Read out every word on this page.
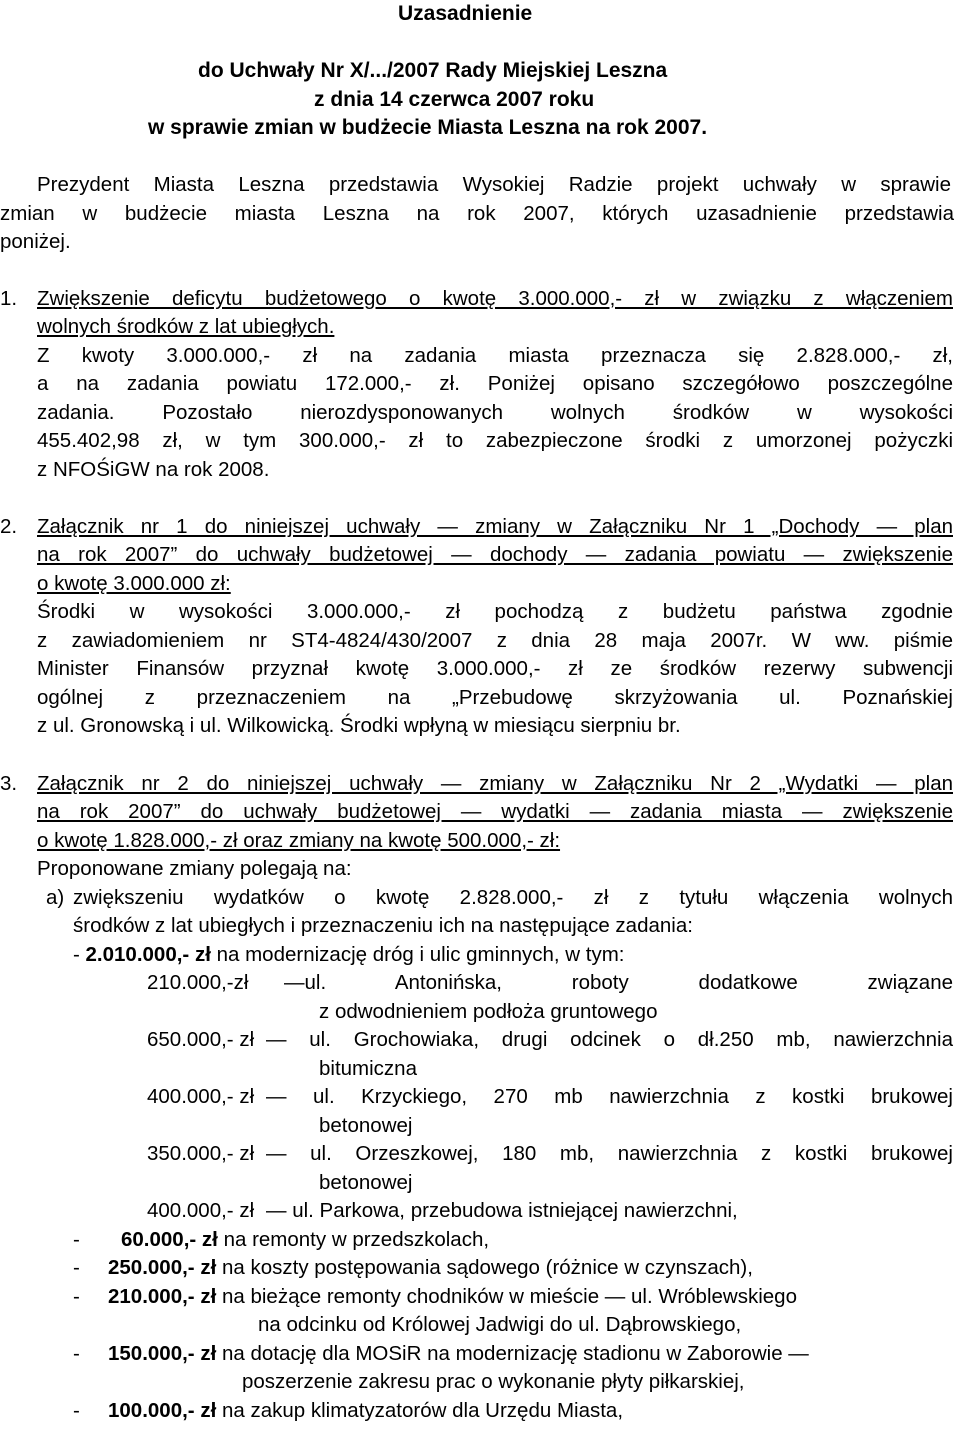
Uzasadnienie
do Uchwały Nr X/.../2007 Rady Miejskiej Leszna
z dnia 14 czerwca 2007 roku
w sprawie zmian w budżecie Miasta Leszna na rok 2007.
Prezydent Miasta Leszna przedstawia Wysokiej Radzie projekt uchwały w sprawie
zmian w budżecie miasta Leszna na rok 2007, których uzasadnienie przedstawia
poniżej.
1. Zwiększenie deficytu budżetowego o kwotę 3.000.000,- zł w związku z włączeniem
wolnych środków z lat ubiegłych.
Z kwoty 3.000.000,- zł na zadania miasta przeznacza się 2.828.000,- zł,
a na zadania powiatu 172.000,- zł. Poniżej opisano szczegółowo poszczególne
zadania. Pozostało nierozdysponowanych wolnych środków w wysokości
455.402,98 zł, w tym 300.000,- zł to zabezpieczone środki z umorzonej pożyczki
z NFOŚiGW na rok 2008.
2. Załącznik nr 1 do niniejszej uchwały — zmiany w Załączniku Nr 1 „Dochody — plan
na rok 2007” do uchwały budżetowej — dochody — zadania powiatu — zwiększenie
o kwotę 3.000.000 zł:
Środki w wysokości 3.000.000,- zł pochodzą z budżetu państwa zgodnie
z zawiadomieniem nr ST4-4824/430/2007 z dnia 28 maja 2007r. W ww. piśmie
Minister Finansów przyznał kwotę 3.000.000,- zł ze środków rezerwy subwencji
ogólnej z przeznaczeniem na „Przebudowę skrzyżowania ul. Poznańskiej
z ul. Gronowską i ul. Wilkowicką. Środki wpłyną w miesiącu sierpniu br.
3. Załącznik nr 2 do niniejszej uchwały — zmiany w Załączniku Nr 2 „Wydatki — plan
na rok 2007” do uchwały budżetowej — wydatki — zadania miasta — zwiększenie
o kwotę 1.828.000,- zł oraz zmiany na kwotę 500.000,- zł:
Proponowane zmiany polegają na:
a) zwiększeniu wydatków o kwotę 2.828.000,- zł z tytułu włączenia wolnych
środków z lat ubiegłych i przeznaczeniu ich na następujące zadania:
- 2.010.000,- zł na modernizację dróg i ulic gminnych, w tym:
210.000,-zł —ul. Antonińska, roboty dodatkowe związane
z odwodnieniem podłoża gruntowego
650.000,- zł — ul. Grochowiaka, drugi odcinek o dł.250 mb, nawierzchnia
bitumiczna
400.000,- zł — ul. Krzyckiego, 270 mb nawierzchnia z kostki brukowej
betonowej
350.000,- zł — ul. Orzeszkowej, 180 mb, nawierzchnia z kostki brukowej
betonowej
400.000,- zł — ul. Parkowa, przebudowa istniejącej nawierzchni,
- 60.000,- zł na remonty w przedszkolach,
- 250.000,- zł na koszty postępowania sądowego (różnice w czynszach),
- 210.000,- zł na bieżące remonty chodników w mieście — ul. Wróblewskiego
na odcinku od Królowej Jadwigi do ul. Dąbrowskiego,
- 150.000,- zł na dotację dla MOSiR na modernizację stadionu w Zaborowie —
poszerzenie zakresu prac o wykonanie płyty piłkarskiej,
- 100.000,- zł na zakup klimatyzatorów dla Urzędu Miasta,
